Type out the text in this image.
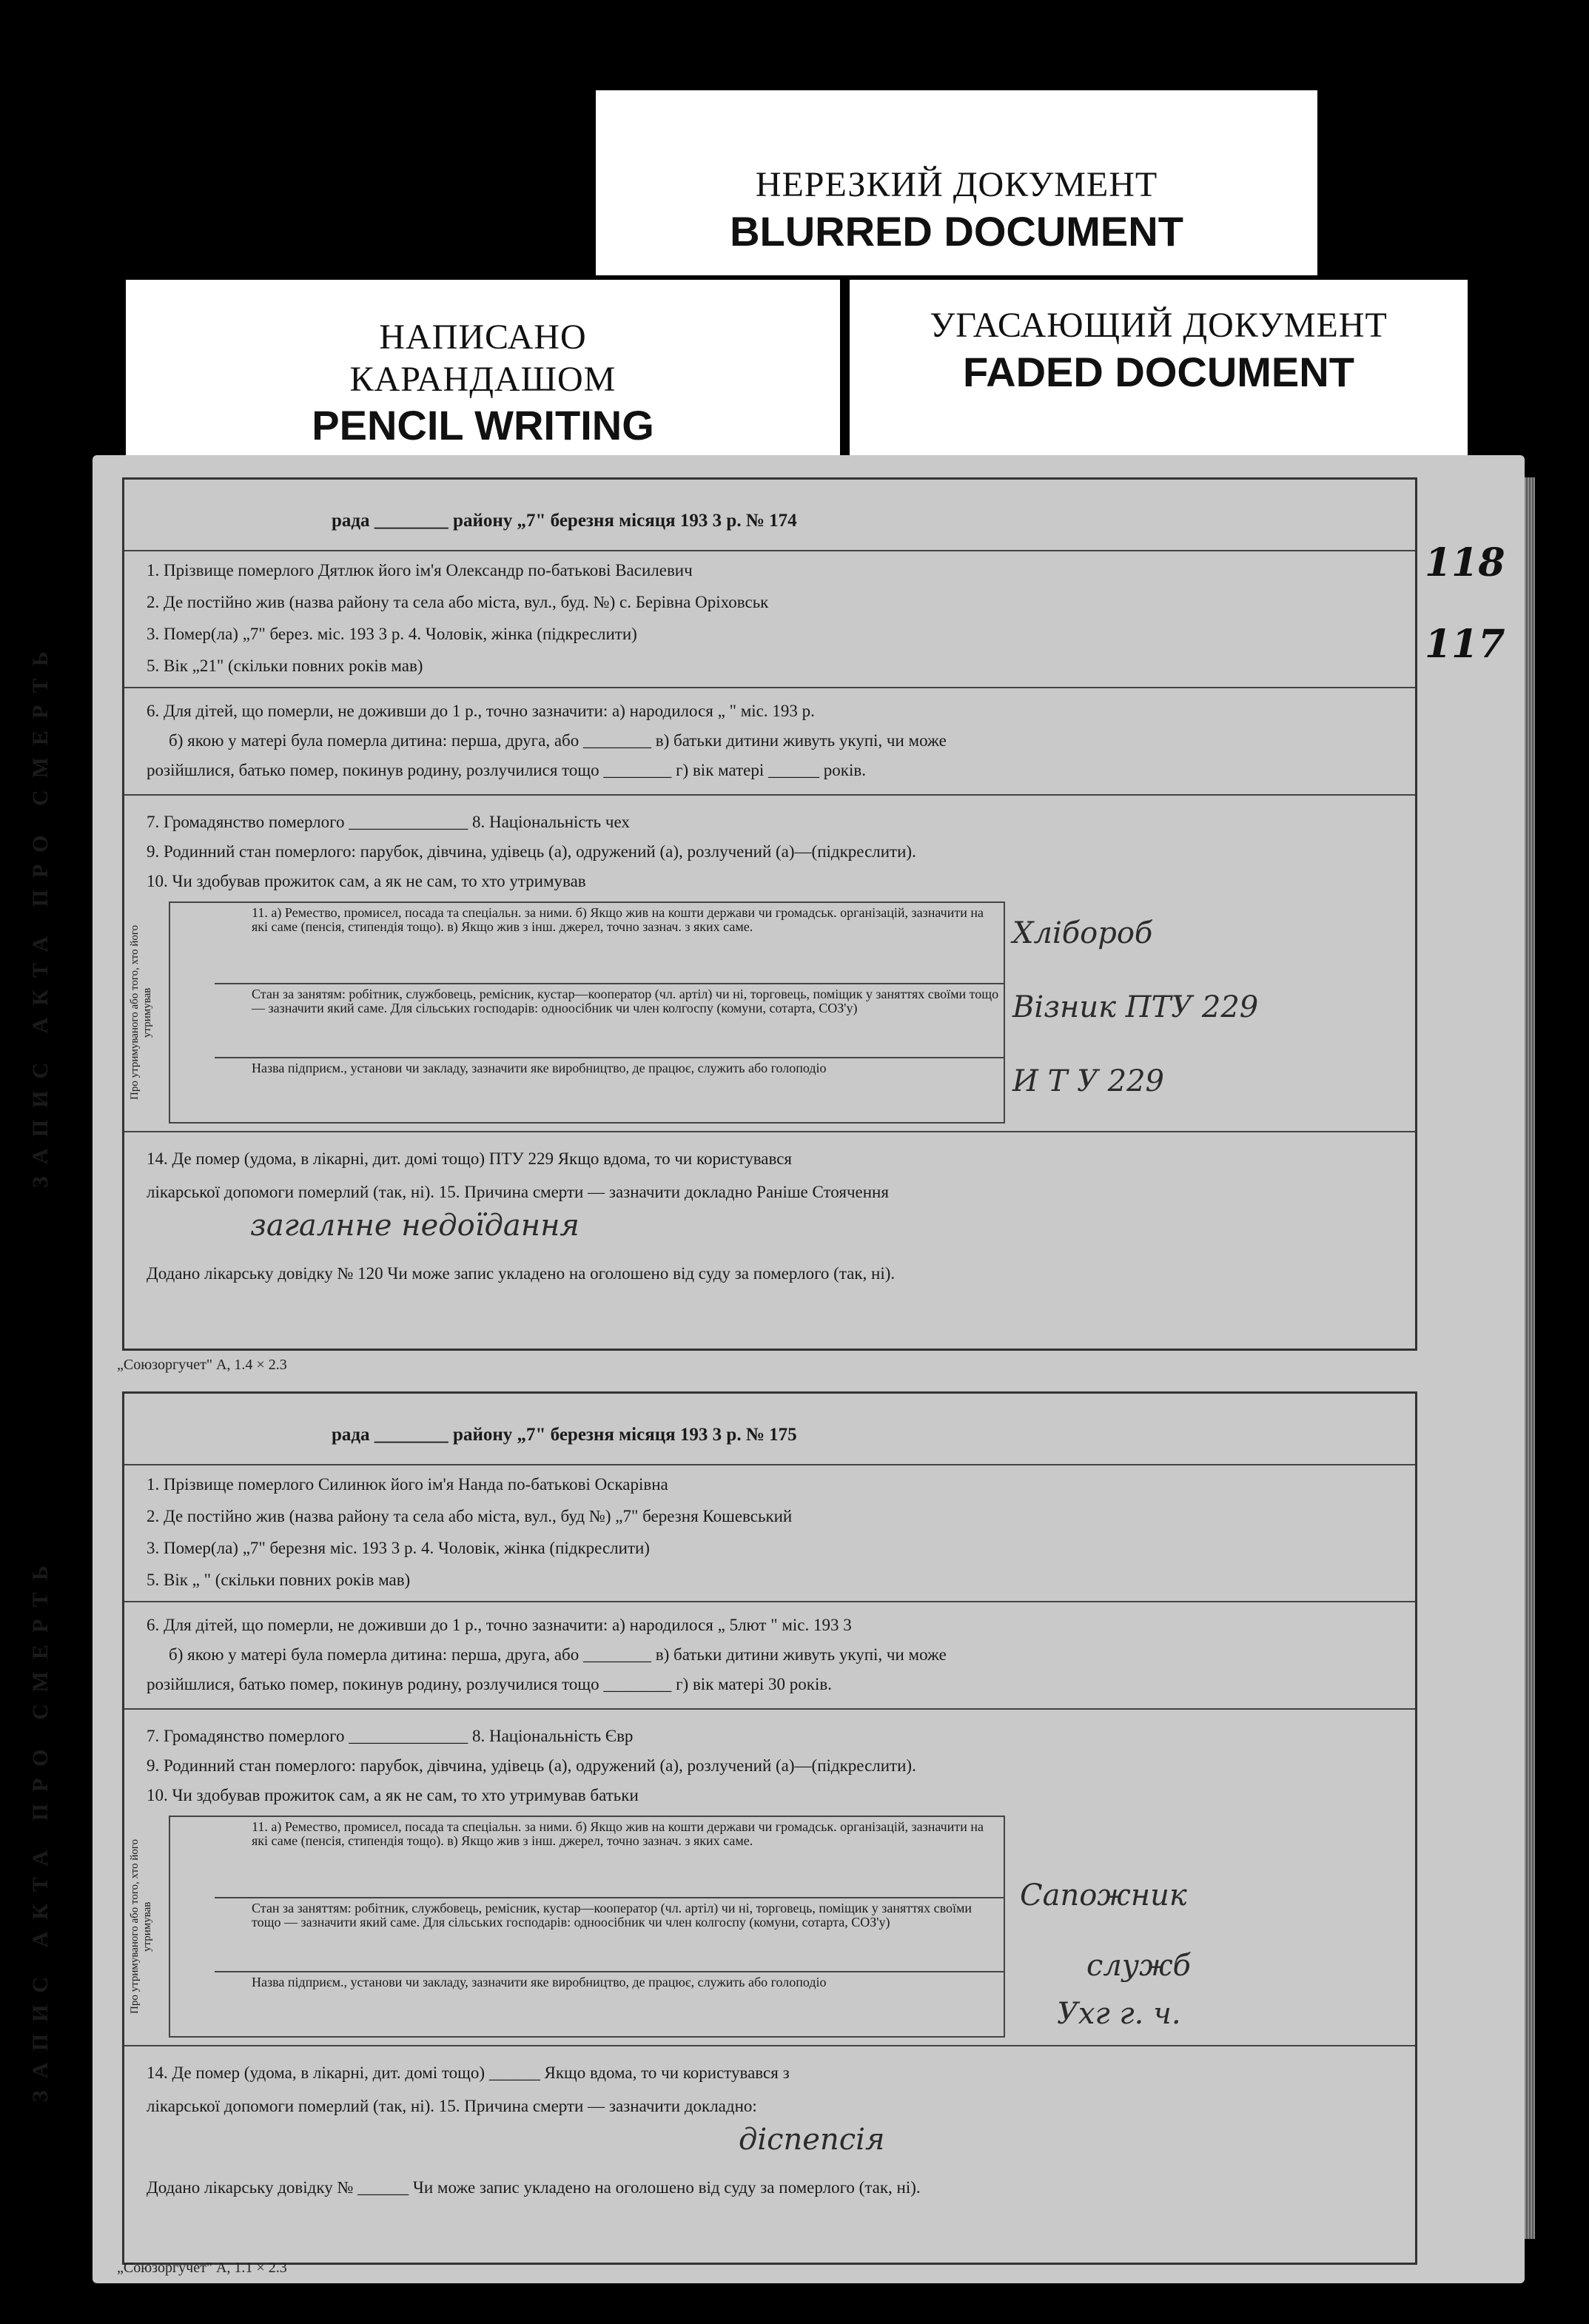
НЕРЕЗКИЙ ДОКУМЕНТ
BLURRED DOCUMENT
НАПИСАНО
КАРАНДАШОМ
PENCIL WRITING
УГАСАЮЩИЙ ДОКУМЕНТ
FADED DOCUMENT
118
117
ЗАПИС АКТА ПРО СМЕРТЬ
рада ________ району „7" березня місяця 193 3 р. № 174
1. Прізвище померлого Дятлюк його ім'я Олександр по-батькові Василевич
2. Де постійно жив (назва району та села або міста, вул., буд. №) с. Берівна Оріховськ
3. Помер(ла) „7" берез. міс. 193 3 р. 4. Чоловік, жінка (підкреслити)
5. Вік „21" (скільки повних років мав)
6. Для дітей, що померли, не доживши до 1 р., точно зазначити: а) народилося „ " міс. 193 р.
б) якою у матері була померла дитина: перша, друга, або ________ в) батьки дитини живуть укупі, чи може
розійшлися, батько помер, покинув родину, розлучилися тощо ________ г) вік матері ______ років.
7. Громадянство померлого ______________ 8. Національність чех
9. Родинний стан померлого: парубок, дівчина, удівець (а), одружений (а), розлучений (а)—(підкреслити).
10. Чи здобував прожиток сам, а як не сам, то хто утримував
Про утримуваного або того, хто його утримував
11. а) Ремество, промисел, посада та спеціальн. за ними. б) Якщо жив на кошти держави чи громадськ. організацій, зазначити на які саме (пенсія, стипендія тощо). в) Якщо жив з інш. джерел, точно зазнач. з яких саме.
Стан за занятям: робітник, службовець, ремісник, кустар—кооператор (чл. артіл) чи ні, торговець, поміщик у заняттях своїми тощо — зазначити який саме. Для сільських господарів: одноосібник чи член колгоспу (комуни, сотарта, СОЗ'у)
Назва підприєм., установи чи закладу, зазначити яке виробництво, де працює, служить або голоподіо
Хлібороб
Візник ПТУ 229
И Т У 229
14. Де помер (удома, в лікарні, дит. домі тощо) ПТУ 229 Якщо вдома, то чи користувався
лікарської допомоги померлий (так, ні). 15. Причина смерти — зазначити докладно Раніше Стоячення
загалнне недоїдання
Додано лікарську довідку № 120 Чи може запис укладено на оголошено від суду за померлого (так, ні).
„Союзоргучет" А, 1.4 × 2.3
ЗАПИС АКТА ПРО СМЕРТЬ
рада ________ району „7" березня місяця 193 3 р. № 175
1. Прізвище померлого Силинюк його ім'я Нанда по-батькові Оскарівна
2. Де постійно жив (назва району та села або міста, вул., буд №) „7" березня Кошевський
3. Помер(ла) „7" березня міс. 193 3 р. 4. Чоловік, жінка (підкреслити)
5. Вік „ " (скільки повних років мав)
6. Для дітей, що померли, не доживши до 1 р., точно зазначити: а) народилося „ 5лют " міс. 193 3
б) якою у матері була померла дитина: перша, друга, або ________ в) батьки дитини живуть укупі, чи може
розійшлися, батько помер, покинув родину, розлучилися тощо ________ г) вік матері 30 років.
7. Громадянство померлого ______________ 8. Національність Євр
9. Родинний стан померлого: парубок, дівчина, удівець (а), одружений (а), розлучений (а)—(підкреслити).
10. Чи здобував прожиток сам, а як не сам, то хто утримував батьки
Про утримуваного або того, хто його утримував
11. а) Ремество, промисел, посада та спеціальн. за ними. б) Якщо жив на кошти держави чи громадськ. організацій, зазначити на які саме (пенсія, стипендія тощо). в) Якщо жив з інш. джерел, точно зазнач. з яких саме.
Стан за заняттям: робітник, службовець, ремісник, кустар—кооператор (чл. артіл) чи ні, торговець, поміщик у заняттях своїми тощо — зазначити який саме. Для сільських господарів: одноосібник чи член колгоспу (комуни, сотарта, СОЗ'у)
Назва підприєм., установи чи закладу, зазначити яке виробництво, де працює, служить або голоподіо
Сапожник
служб
Ухг г. ч.
14. Де помер (удома, в лікарні, дит. домі тощо) ______ Якщо вдома, то чи користувався з
лікарської допомоги померлий (так, ні). 15. Причина смерти — зазначити докладно:
діспепсія
Додано лікарську довідку № ______ Чи може запис укладено на оголошено від суду за померлого (так, ні).
„Союзоргучет" А, 1.1 × 2.3
